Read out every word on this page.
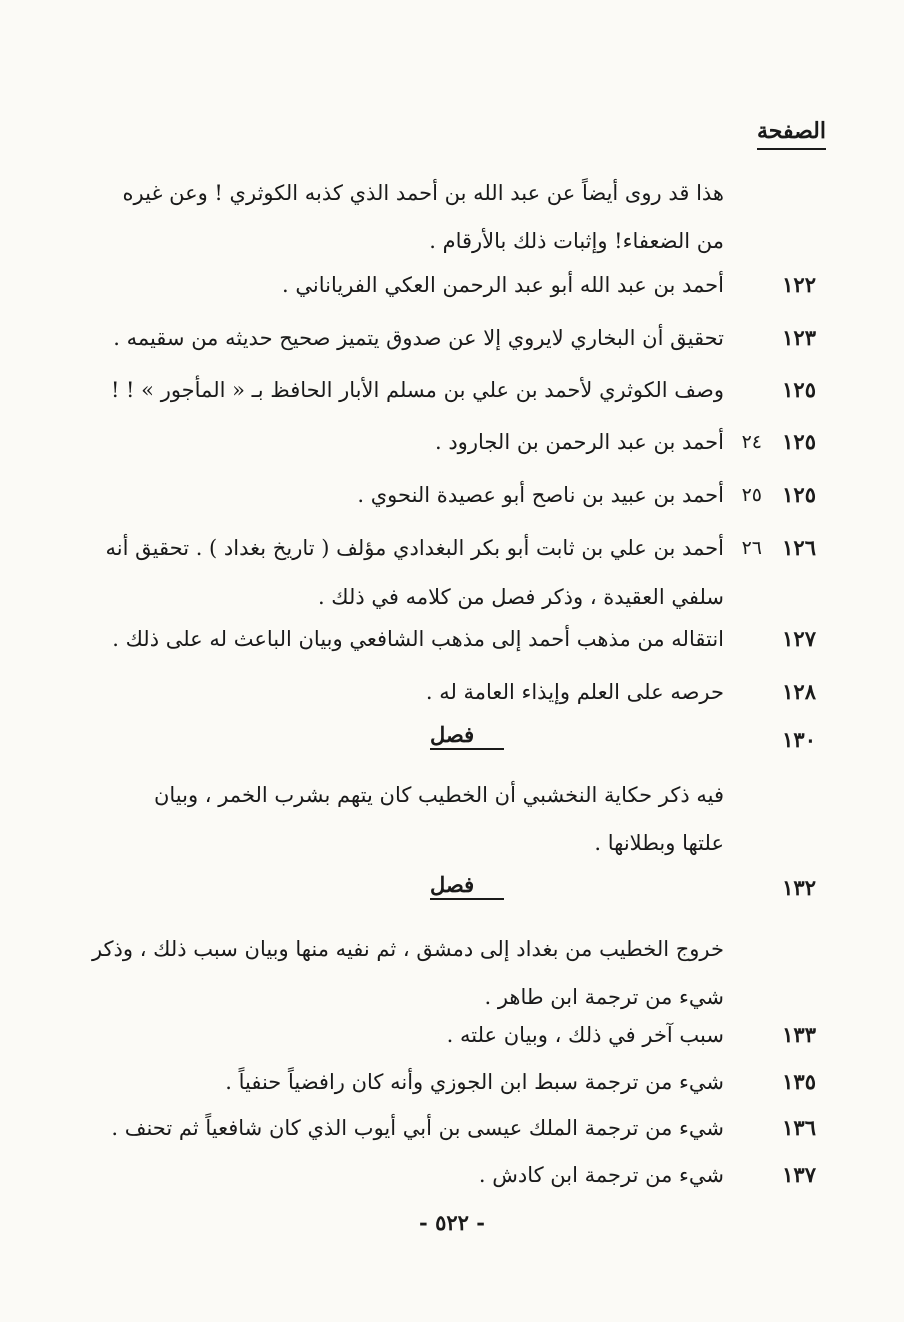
الصفحة
هذا قد روى أيضاً عن عبد الله بن أحمد الذي كذبه الكوثري ! وعن غيره
من الضعفاء! وإثبات ذلك بالأرقام .
١٢٢
أحمد بن عبد الله أبو عبد الرحمن العكي الفرياناني .
١٢٣
تحقيق أن البخاري لايروي إلا عن صدوق يتميز صحيح حديثه من سقيمه .
١٢٥
وصف الكوثري لأحمد بن علي بن مسلم الأبار الحافظ بـ « المأجور » ! !
١٢٥
٢٤
أحمد بن عبد الرحمن بن الجارود .
١٢٥
٢٥
أحمد بن عبيد بن ناصح أبو عصيدة النحوي .
١٢٦
٢٦
أحمد بن علي بن ثابت أبو بكر البغدادي مؤلف ( تاريخ بغداد ) . تحقيق أنه
سلفي العقيدة ، وذكر فصل من كلامه في ذلك .
١٢٧
انتقاله من مذهب أحمد إلى مذهب الشافعي وبيان الباعث له على ذلك .
١٢٨
حرصه على العلم وإيذاء العامة له .
١٣٠
فصل
فيه ذكر حكاية النخشبي أن الخطيب كان يتهم بشرب الخمر ، وبيان
علتها وبطلانها .
١٣٢
فصل
خروج الخطيب من بغداد إلى دمشق ، ثم نفيه منها وبيان سبب ذلك ، وذكر
شيء من ترجمة ابن طاهر .
١٣٣
سبب آخر في ذلك ، وبيان علته .
١٣٥
شيء من ترجمة سبط ابن الجوزي وأنه كان رافضياً حنفياً .
١٣٦
شيء من ترجمة الملك عيسى بن أبي أيوب الذي كان شافعياً ثم تحنف .
١٣٧
شيء من ترجمة ابن كادش .
- ٥٢٢ -
